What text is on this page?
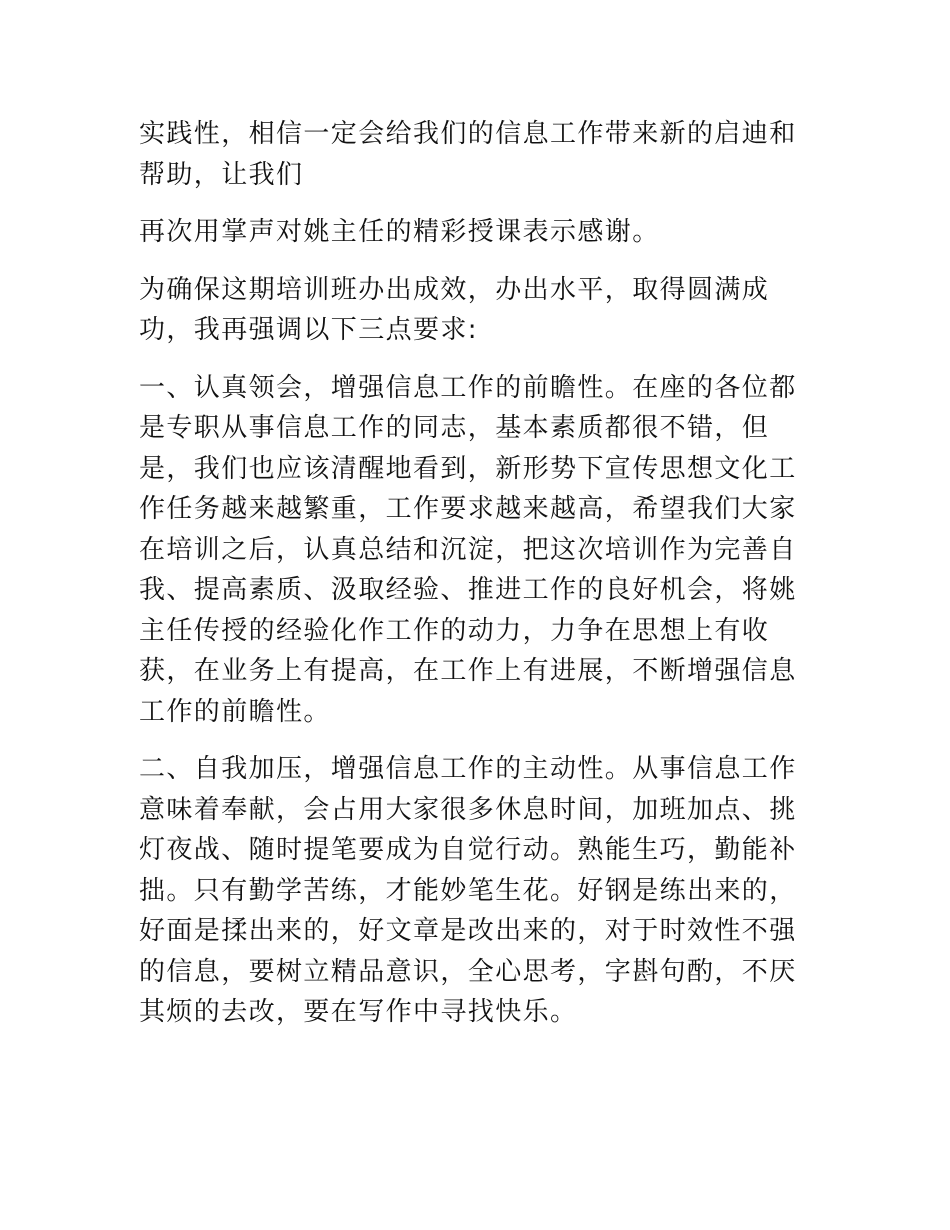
实践性，相信一定会给我们的信息工作带来新的启迪和帮助，让我们

再次用掌声对姚主任的精彩授课表示感谢。

为确保这期培训班办出成效，办出水平，取得圆满成功，我再强调以下三点要求:

一、认真领会，增强信息工作的前瞻性。在座的各位都是专职从事信息工作的同志，基本素质都很不错，但是，我们也应该清醒地看到，新形势下宣传思想文化工作任务越来越繁重，工作要求越来越高，希望我们大家在培训之后，认真总结和沉淀，把这次培训作为完善自我、提高素质、汲取经验、推进工作的良好机会，将姚主任传授的经验化作工作的动力，力争在思想上有收获，在业务上有提高，在工作上有进展，不断增强信息工作的前瞻性。

二、自我加压，增强信息工作的主动性。从事信息工作意味着奉献，会占用大家很多休息时间，加班加点、挑灯夜战、随时提笔要成为自觉行动。熟能生巧，勤能补拙。只有勤学苦练，才能妙笔生花。好钢是练出来的，好面是揉出来的，好文章是改出来的，对于时效性不强的信息，要树立精品意识，全心思考，字斟句酌，不厌其烦的去改，要在写作中寻找快乐。
